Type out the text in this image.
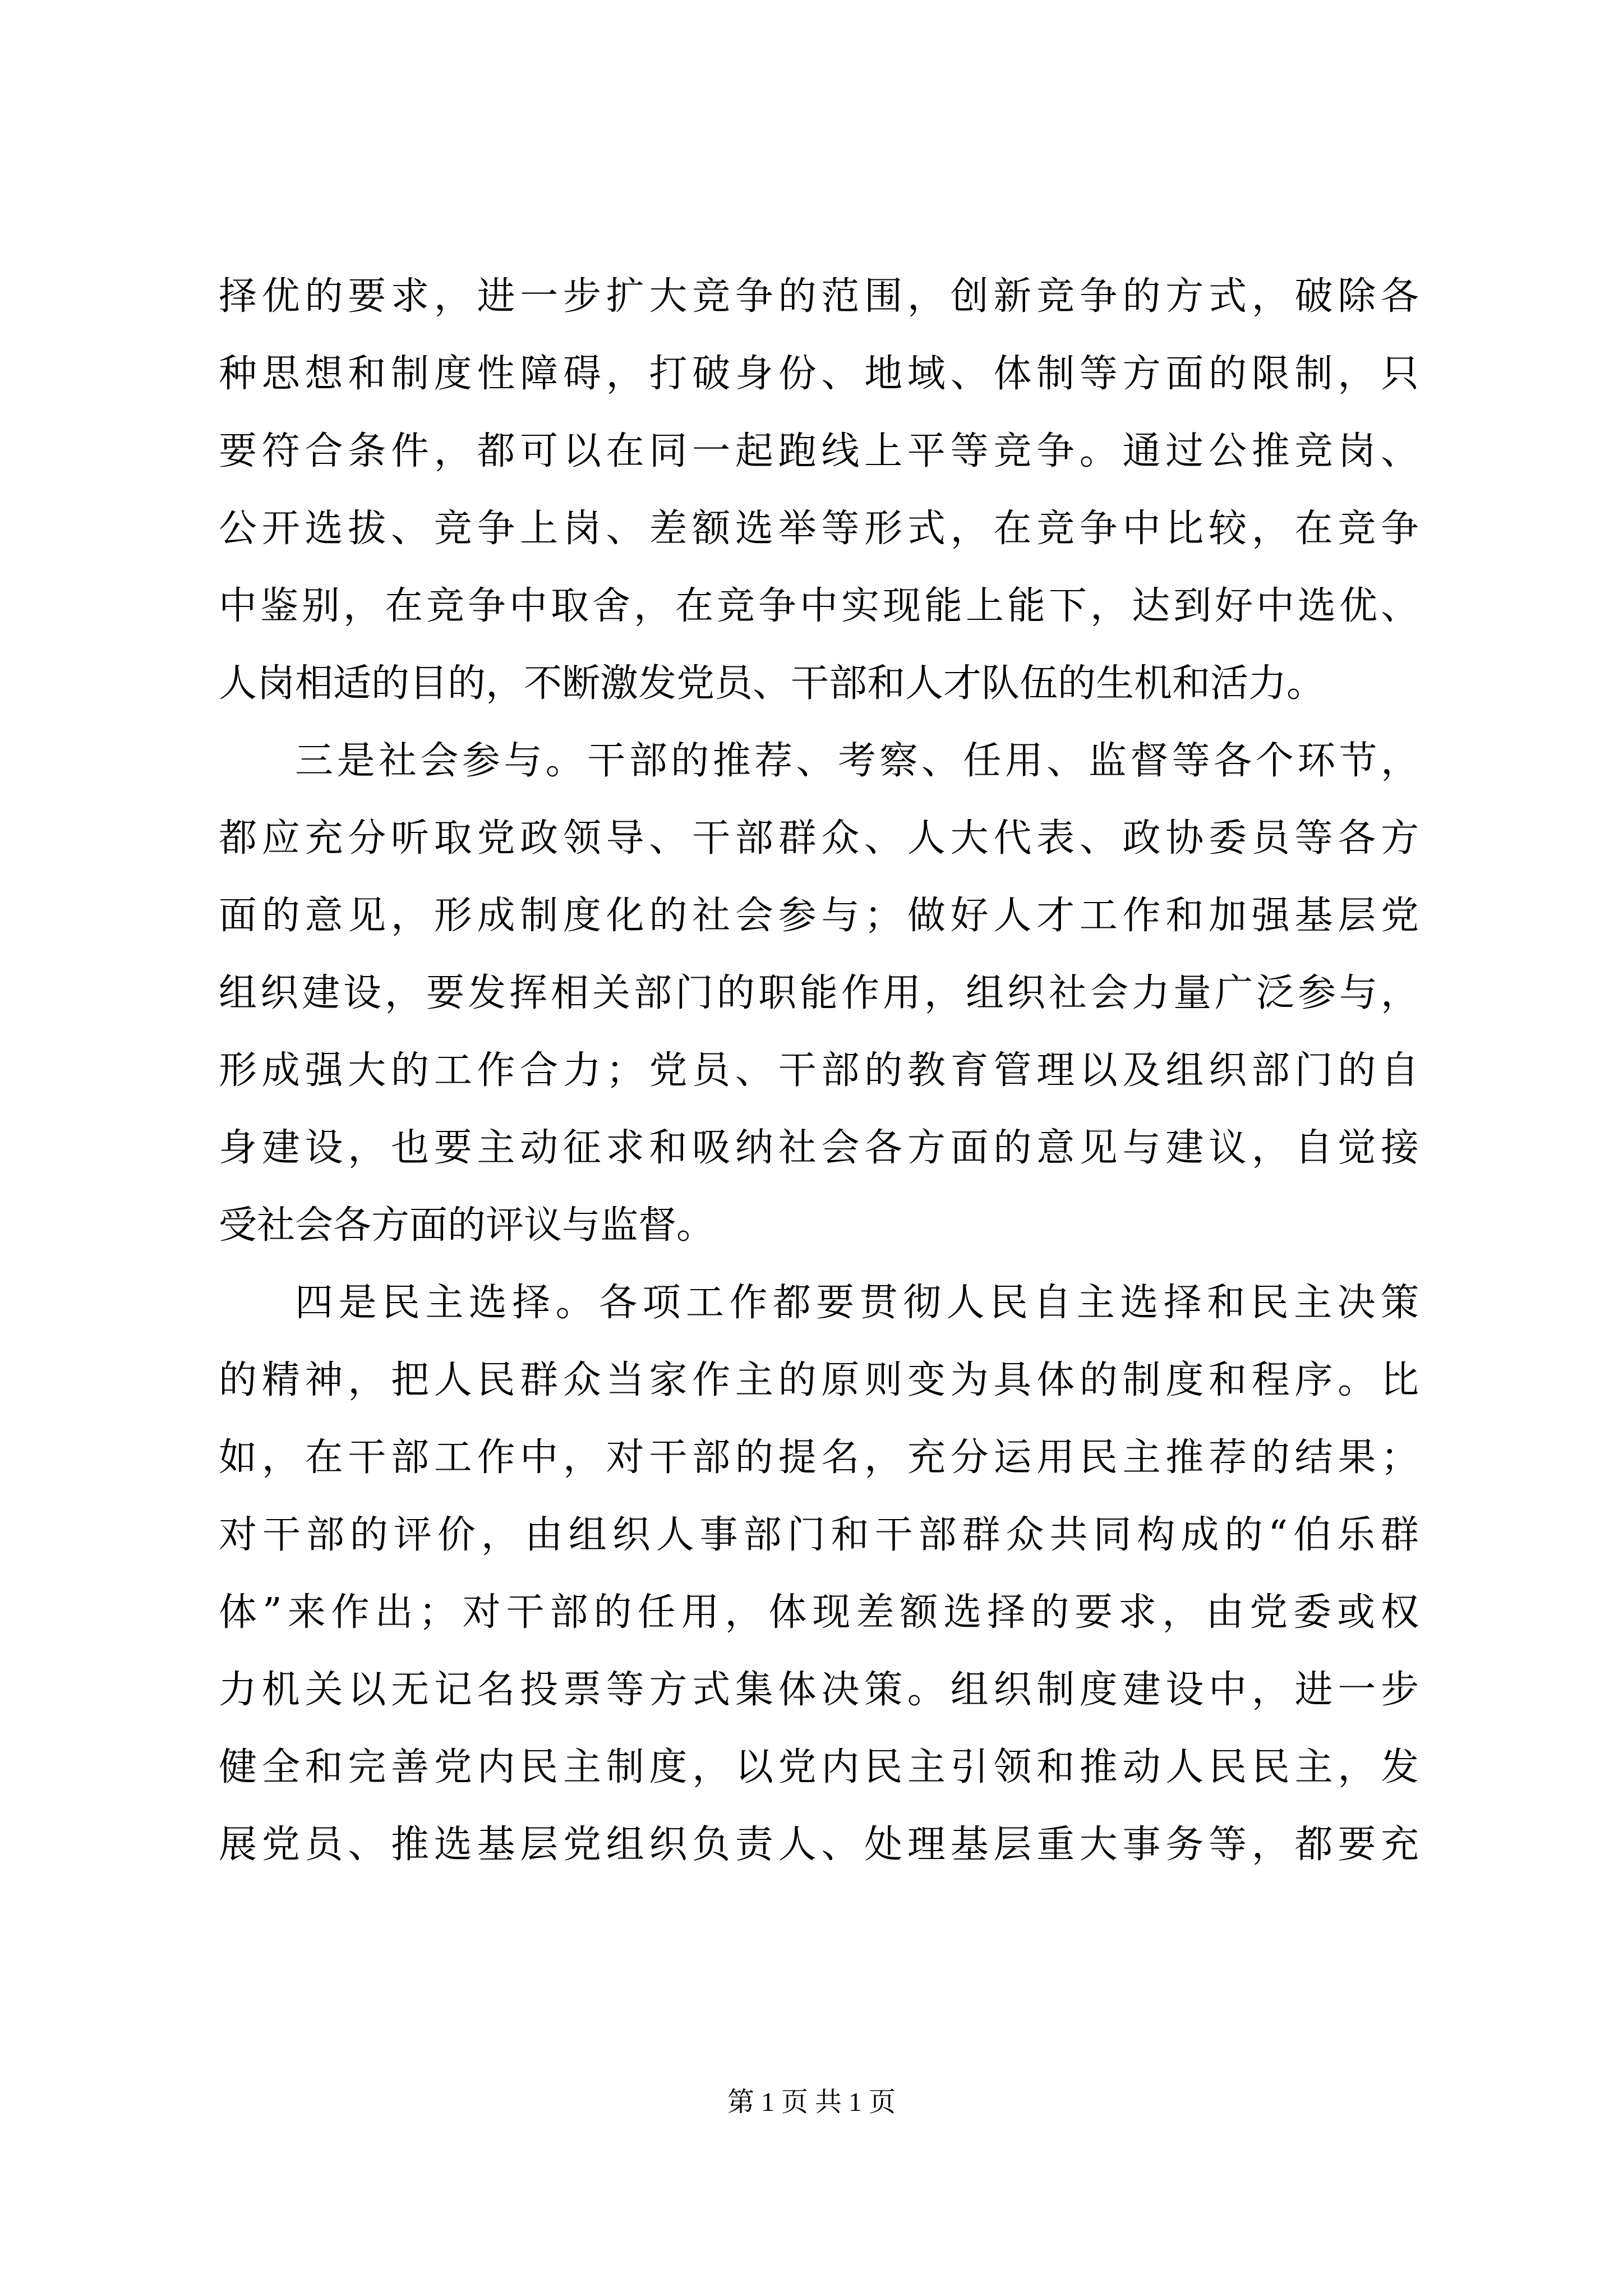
择优的要求，进一步扩大竞争的范围，创新竞争的方式，破除各
种思想和制度性障碍，打破身份、地域、体制等方面的限制，只
要符合条件，都可以在同一起跑线上平等竞争。通过公推竞岗、
公开选拔、竞争上岗、差额选举等形式，在竞争中比较，在竞争
中鉴别，在竞争中取舍，在竞争中实现能上能下，达到好中选优、
人岗相适的目的，不断激发党员、干部和人才队伍的生机和活力。
三是社会参与。干部的推荐、考察、任用、监督等各个环节，
都应充分听取党政领导、干部群众、人大代表、政协委员等各方
面的意见，形成制度化的社会参与；做好人才工作和加强基层党
组织建设，要发挥相关部门的职能作用，组织社会力量广泛参与，
形成强大的工作合力；党员、干部的教育管理以及组织部门的自
身建设，也要主动征求和吸纳社会各方面的意见与建议，自觉接
受社会各方面的评议与监督。
四是民主选择。各项工作都要贯彻人民自主选择和民主决策
的精神，把人民群众当家作主的原则变为具体的制度和程序。比
如，在干部工作中，对干部的提名，充分运用民主推荐的结果；
对干部的评价，由组织人事部门和干部群众共同构成的“伯乐群
体”来作出；对干部的任用，体现差额选择的要求，由党委或权
力机关以无记名投票等方式集体决策。组织制度建设中，进一步
健全和完善党内民主制度，以党内民主引领和推动人民民主，发
展党员、推选基层党组织负责人、处理基层重大事务等，都要充
第 1 页 共 1 页
